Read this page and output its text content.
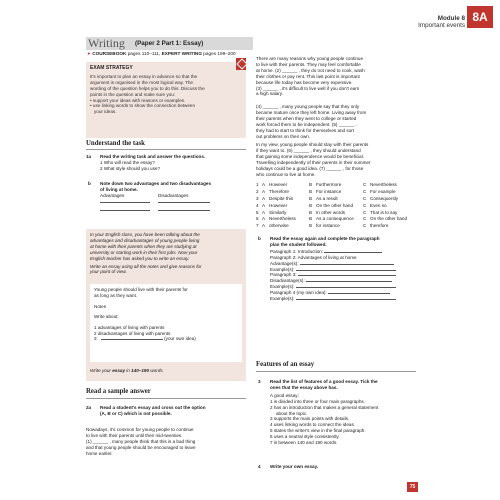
Module 8
Important events
8A
Writing (Paper 2 Part 1: Essay)
➤ COURSEBOOK pages 110–111, EXPERT WRITING pages 199–200
EXAM STRATEGY

It's important to plan an essay in advance so that the

argument is organised in the most logical way. The

wording of the question helps you to do this. Discuss the

points in the question and make sure you:

• support your ideas with reasons or examples.

• use linking words to show the connection between

your ideas.

Understand the task
1a	Read the writing task and answer the questions.
1 Who will read the essay?
2 What style should you use?
b	Note down two advantages and two disadvantages
of living at home.
Advantages	Disadvantages
In your English class, you have been talking about the
advantages and disadvantages of young people living
at home with their parents when they are studying at
university or starting work in their first jobs. Now your
English teacher has asked you to write an essay.
Write an essay using all the notes and give reasons for
your point of view.
Young people should live with their parents for
as long as they want.
Notes
Write about:
1 advantages of living with parents
2 disadvantages of living with parents
3	(your own idea)
Write your essay in 140–190 words.
Read a sample answer
2a	Read a student's essay and cross out the option
(A, B or C) which is not possible.
Nowadays, it's common for young people to continue
to live with their parents until their mid-twenties.
(1) ______ , many people think that this is a bad thing
and that young people should be encouraged to leave
home earlier.
There are many reasons why young people continue
to live with their parents. They may feel comfortable
at home. (2) ______ , they do not need to cook, wash
their clothes or pay rent. This last point is important
because life today has become very expensive.
(3) ______ , it's difficult to live well if you don't earn
a high salary.
(4) ______ , many young people say that they only
became mature once they left home. Living away from
their parents when they went to college or started
work forced them to be independent. (5) ______ ,
they had to start to think for themselves and sort
out problems on their own.
In my view, young people should stay with their parents
if they want to. (6) ______ , they should understand
that gaining some independence would be beneficial.
Travelling independently of their parents in their summer
holidays could be a good idea. (7) ______ , for those
who continue to live at home.
1 A However	B Furthermore	C Nevertheless
2 A Therefore	B For instance	C For example
3 A Despite this	B As a result	C Consequently
4 A However	B On the other hand C Even so
5 A Similarly	B In other words	C That is to say
6 A Nevertheless	B As a consequence C On the other hand
7 A otherwise	B for instance	C therefore
b	Read the essay again and complete the paragraph
plan the student followed.
Paragraph 1: Introduction:
Paragraph 2: Advantages of living at home
Advantage(s):
Example(s):
Paragraph 3:
Disadvantage(s):
Example(s):
Paragraph 4 (my own idea):
Example(s):
Features of an essay
3	Read the list of features of a good essay. Tick the
ones that the essay above has.
A good essay:
1 is divided into three or four main paragraphs.
2 has an introduction that makes a general statement
about the topic.
3 supports the main points with details.
4 uses linking words to connect the ideas.
5 states the writer's view in the final paragraph.
6 uses a neutral style consistently.
7 is between 140 and 190 words.
4	Write your own essay.
75
